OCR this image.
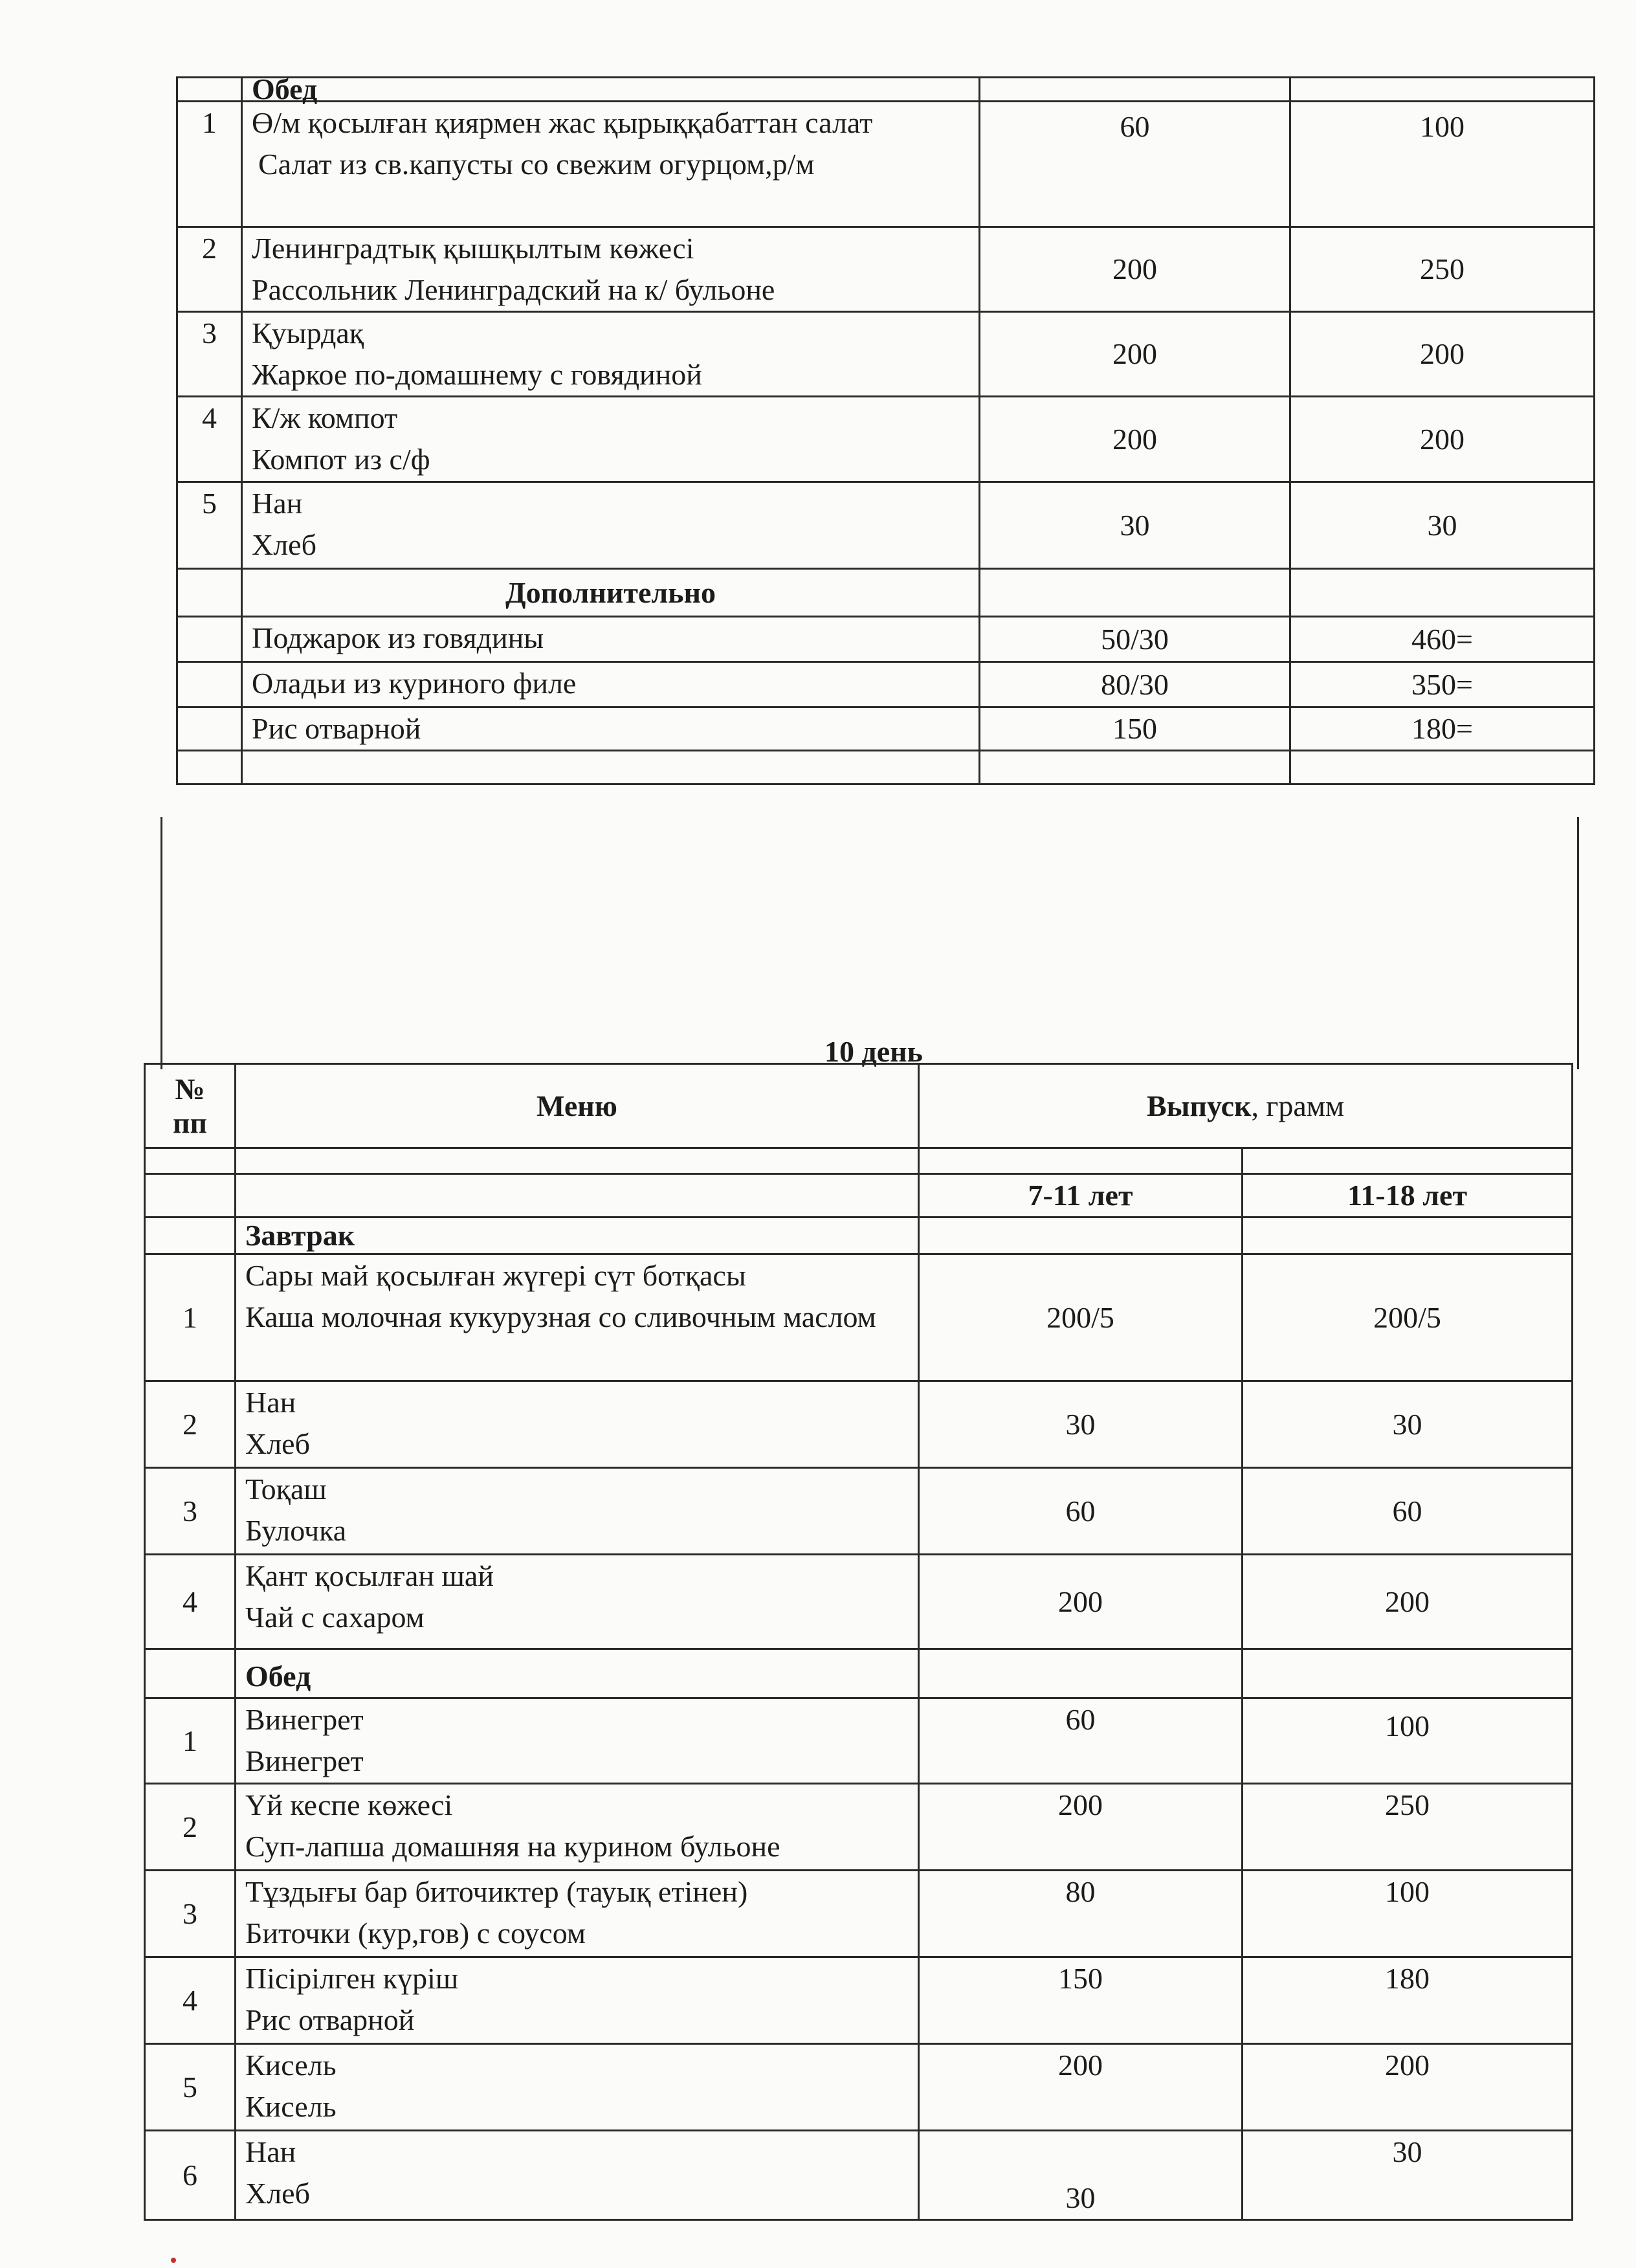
	Обед		
1	Ө/м қосылған қиярмен жас қырыққабаттан салат
Салат из св.капусты со свежим огурцом,р/м	60	100
2	Ленинградтық қышқылтым көжесі
Рассольник Ленинградский на к/ бульоне	200	250
3	Қуырдақ
Жаркое по-домашнему с говядиной	200	200
4	К/ж компот
Компот из с/ф	200	200
5	Нан
Хлеб	30	30
	Дополнительно		
	Поджарок из говядины	50/30	460=
	Оладьи из куриного филе	80/30	350=
	Рис отварной	150	180=

10 день
№ пп	Меню	Выпуск, грамм	

		7-11 лет	11-18 лет
	Завтрак		
1	Сары май қосылған жүгері сүт ботқасы
Каша молочная кукурузная со сливочным маслом	200/5	200/5
2	Нан
Хлеб	30	30
3	Тоқаш
Булочка	60	60
4	Қант қосылған шай
Чай с сахаром	200	200
	Обед		
1	Винегрет
Винегрет	60	100
2	Үй кеспе көжесі
Суп-лапша домашняя на курином бульоне	200	250
3	Тұздығы бар биточиктер (тауық етінен)
Биточки (кур,гов) с соусом	80	100
4	Пісірілген күріш
Рис отварной	150	180
5	Кисель
Кисель	200	200
6	Нан
Хлеб	30	30
